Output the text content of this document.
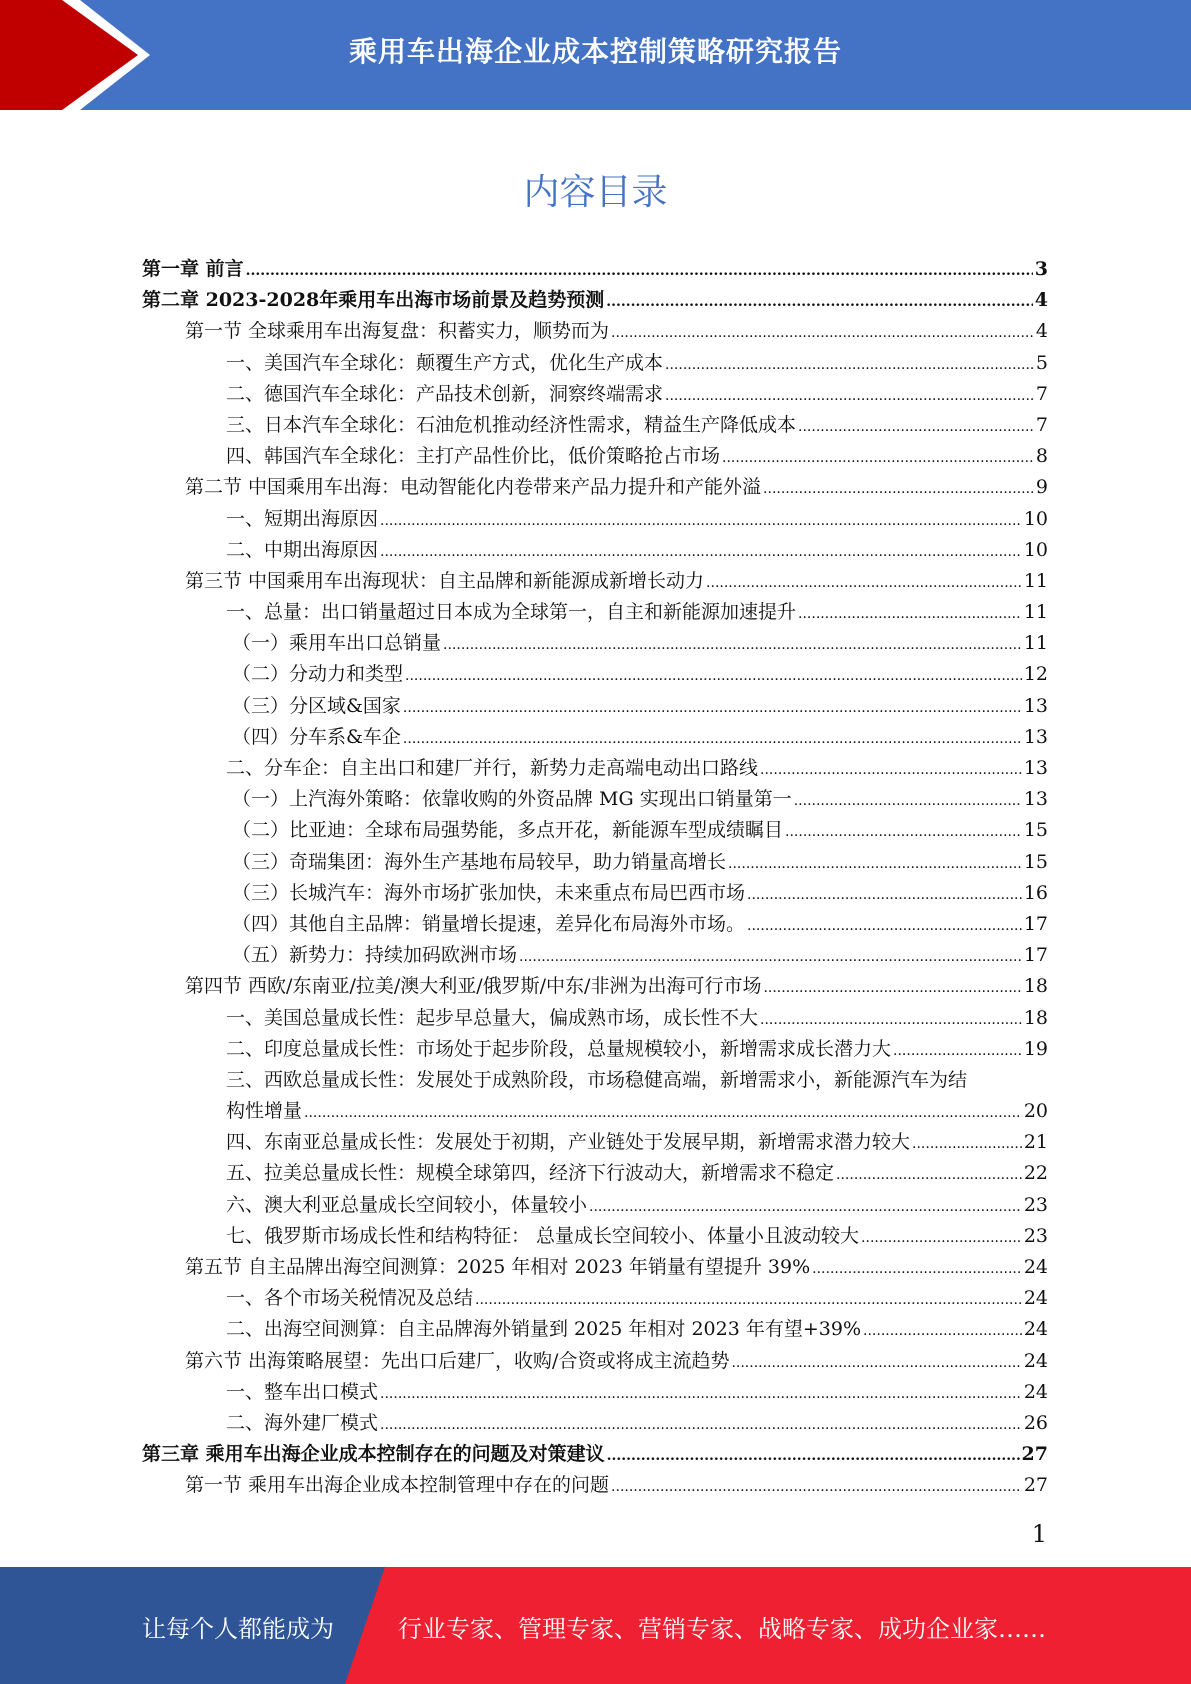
乘用车出海企业成本控制策略研究报告
内容目录
第一章 前言 .....	3
第二章 2023-2028年乘用车出海市场前景及趋势预测 .....	4
第一节 全球乘用车出海复盘：积蓄实力，顺势而为 .....	4
一、美国汽车全球化：颠覆生产方式，优化生产成本 .....	5
二、德国汽车全球化：产品技术创新，洞察终端需求 .....	7
三、日本汽车全球化：石油危机推动经济性需求，精益生产降低成本 .....	7
四、韩国汽车全球化：主打产品性价比，低价策略抢占市场 .....	8
第二节 中国乘用车出海：电动智能化内卷带来产品力提升和产能外溢 .....	9
一、短期出海原因 .....	10
二、中期出海原因 .....	10
第三节 中国乘用车出海现状：自主品牌和新能源成新增长动力 .....	11
一、总量：出口销量超过日本成为全球第一，自主和新能源加速提升 .....	11
（一）乘用车出口总销量 .....	11
（二）分动力和类型 .....	12
（三）分区域&国家 .....	13
（四）分车系&车企 .....	13
二、分车企：自主出口和建厂并行，新势力走高端电动出口路线 .....	13
（一）上汽海外策略：依靠收购的外资品牌 MG 实现出口销量第一 .....	13
（二）比亚迪：全球布局强势能，多点开花，新能源车型成绩瞩目 .....	15
（三）奇瑞集团：海外生产基地布局较早，助力销量高增长 .....	15
（三）长城汽车：海外市场扩张加快，未来重点布局巴西市场 .....	16
（四）其他自主品牌：销量增长提速，差异化布局海外市场。 .....	17
（五）新势力：持续加码欧洲市场 .....	17
第四节 西欧/东南亚/拉美/澳大利亚/俄罗斯/中东/非洲为出海可行市场 .....	18
一、美国总量成长性：起步早总量大，偏成熟市场，成长性不大 .....	18
二、印度总量成长性：市场处于起步阶段，总量规模较小，新增需求成长潜力大 .....	19
三、西欧总量成长性：发展处于成熟阶段，市场稳健高端，新增需求小，新能源汽车为结
构性增量 .....	20
四、东南亚总量成长性：发展处于初期，产业链处于发展早期，新增需求潜力较大 .....	21
五、拉美总量成长性：规模全球第四，经济下行波动大，新增需求不稳定 .....	22
六、澳大利亚总量成长空间较小，体量较小 .....	23
七、俄罗斯市场成长性和结构特征： 总量成长空间较小、体量小且波动较大 .....	23
第五节 自主品牌出海空间测算：2025 年相对 2023 年销量有望提升 39% .....	24
一、各个市场关税情况及总结 .....	24
二、出海空间测算：自主品牌海外销量到 2025 年相对 2023 年有望+39% .....	24
第六节 出海策略展望：先出口后建厂，收购/合资或将成主流趋势 .....	24
一、整车出口模式 .....	24
二、海外建厂模式 .....	26
第三章 乘用车出海企业成本控制存在的问题及对策建议 .....	27
第一节 乘用车出海企业成本控制管理中存在的问题 .....	27
1
让每个人都能成为	行业专家、管理专家、营销专家、战略专家、成功企业家……
